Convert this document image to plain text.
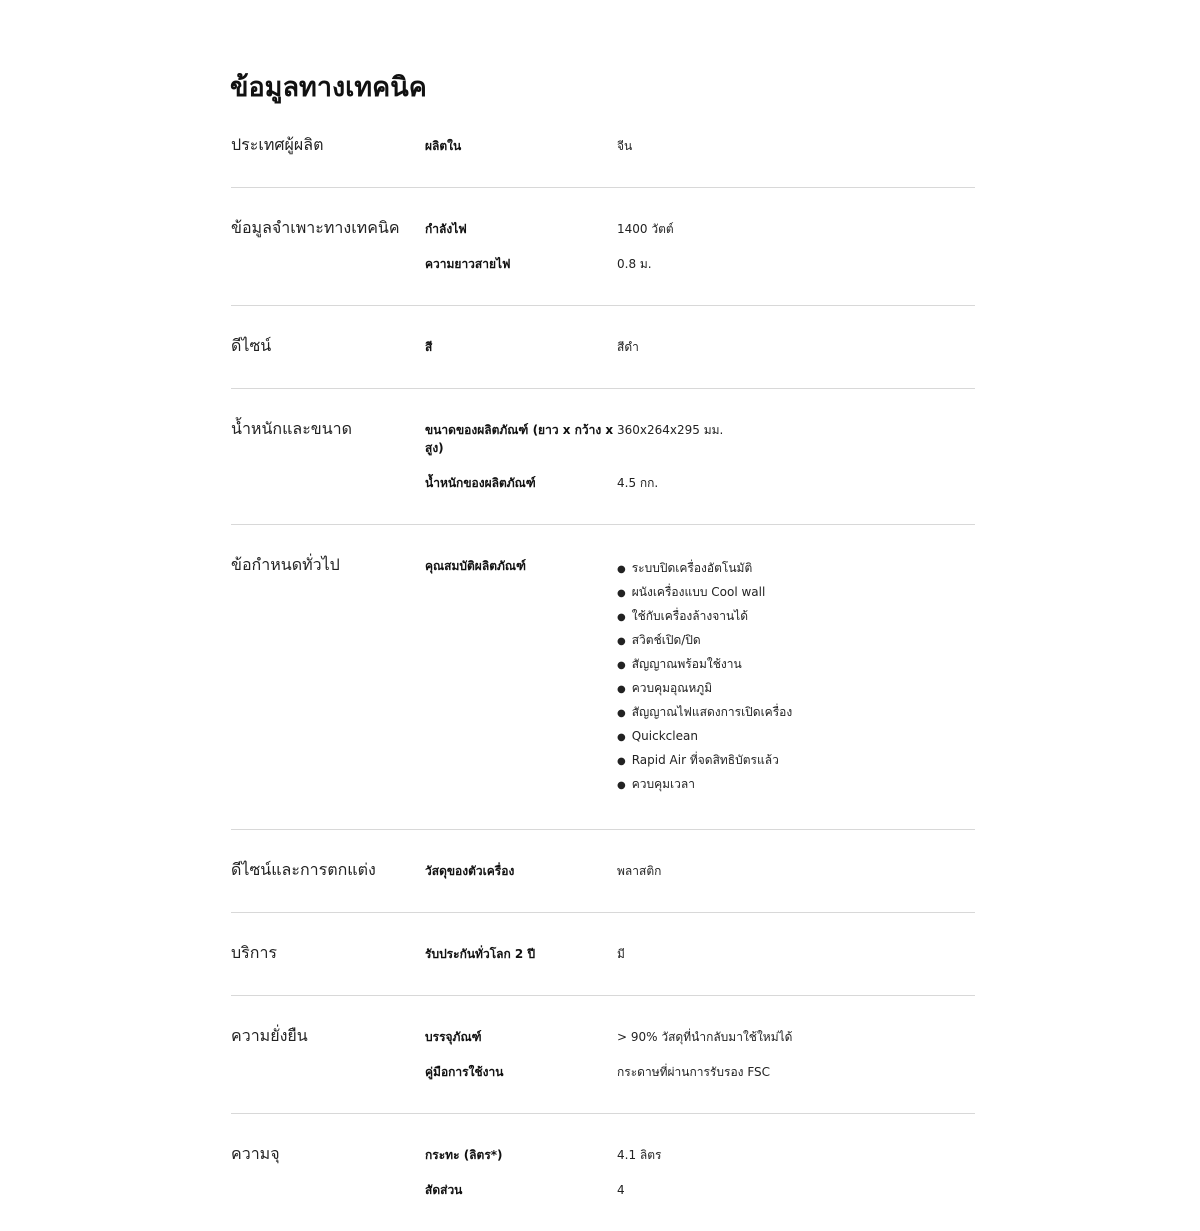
ข้อมูลทางเทคนิค
ประเทศผู้ผลิต	ผลิตใน	จีน
ข้อมูลจำเพาะทางเทคนิค	กำลังไฟ	1400 วัตต์
ความยาวสายไฟ	0.8 ม.
ดีไซน์	สี	สีดำ
น้ำหนักและขนาด	ขนาดของผลิตภัณฑ์ (ยาว x กว้าง x สูง)
360x264x295 มม.
น้ำหนักของผลิตภัณฑ์	4.5 กก.
ข้อกำหนดทั่วไป	คุณสมบัติผลิตภัณฑ์
●	ระบบปิดเครื่องอัตโนมัติ
● ผนังเครื่องแบบ Cool wall
● ใช้กับเครื่องล้างจานได้
● สวิตช์เปิด/ปิด
● สัญญาณพร้อมใช้งาน
● ควบคุมอุณหภูมิ
● สัญญาณไฟแสดงการเปิดเครื่อง
● Quickclean
● Rapid Air ที่จดสิทธิบัตรแล้ว
● ควบคุมเวลา
ดีไซน์และการตกแต่ง	วัสดุของตัวเครื่อง	พลาสติก
บริการ	รับประกันทั่วโลก 2 ปี	มี
ความยั่งยืน	บรรจุภัณฑ์	> 90% วัสดุที่นำกลับมาใช้ใหม่ได้
คู่มือการใช้งาน	กระดาษที่ผ่านการรับรอง FSC
ความจุ	กระทะ (ลิตร*)	4.1 ลิตร
สัดส่วน	4
